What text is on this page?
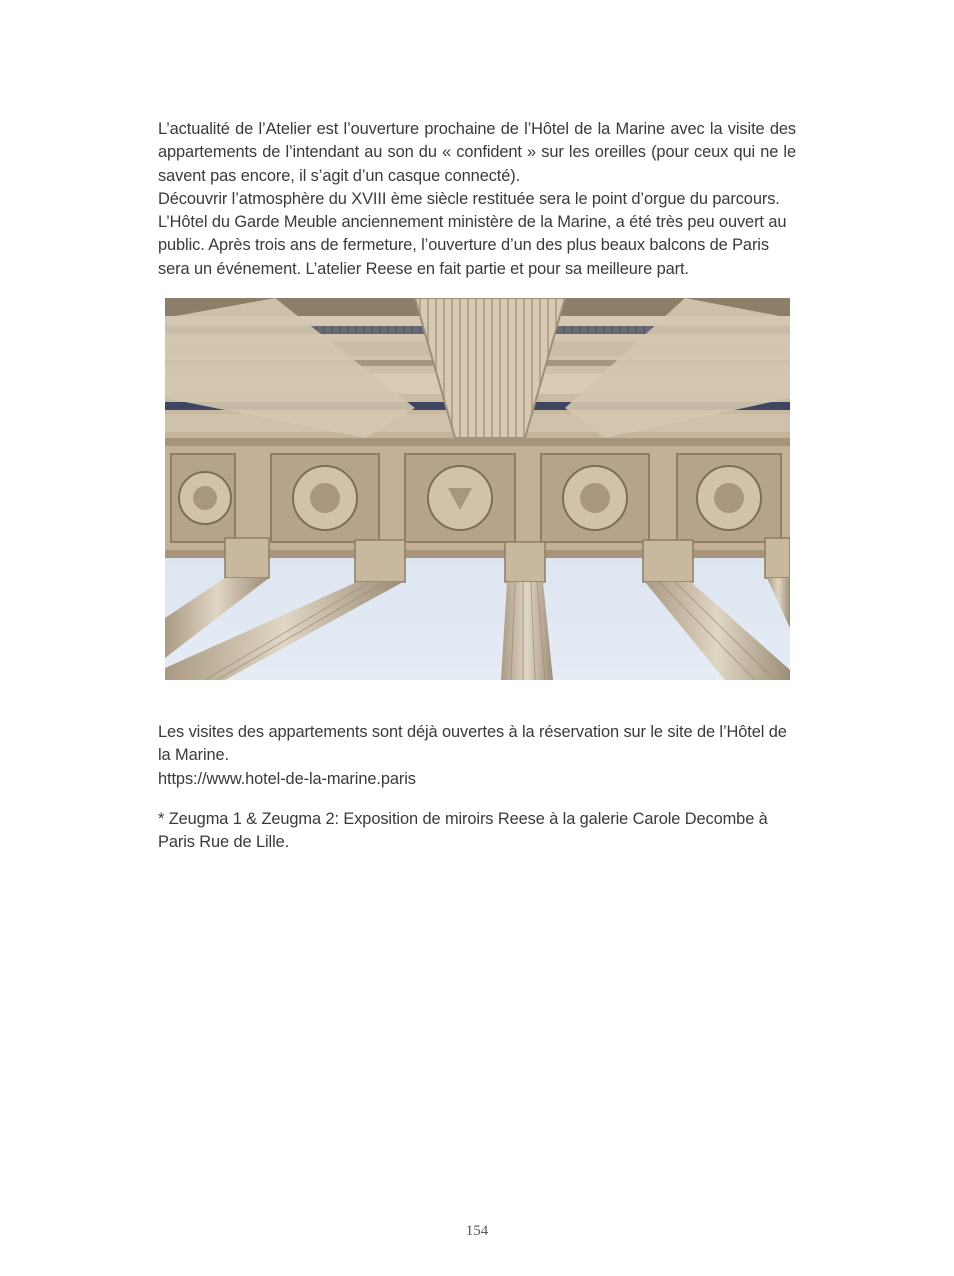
L’actualité de l’Atelier est l’ouverture prochaine de l’Hôtel de la Marine avec la visite des appartements de l’intendant au son du « confident » sur les oreilles (pour ceux qui ne le savent pas encore, il s’agit d’un casque connecté).

Découvrir l’atmosphère du XVIII ème siècle restituée sera le point d’orgue du parcours.

L’Hôtel du Garde Meuble anciennement ministère de la Marine, a été très peu ouvert au public. Après trois ans de fermeture, l’ouverture d’un des plus beaux balcons de Paris sera un événement. L’atelier Reese en fait partie et pour sa meilleure part.

Les visites des appartements sont déjà ouvertes à la réservation sur le site de l’Hôtel de la Marine.

https://www.hotel-de-la-marine.paris

* Zeugma 1 & Zeugma 2: Exposition de miroirs Reese à la galerie Carole Decombe à Paris Rue de Lille.

154
